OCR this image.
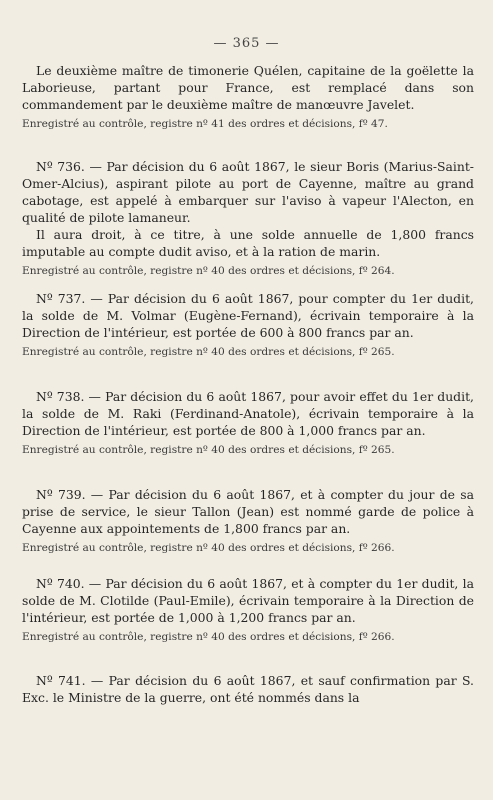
— 365 —

Le deuxième maître de timonerie Quélen, capitaine de la goëlette la Laborieuse, partant pour France, est remplacé dans son commandement par le deuxième maître de manœuvre Javelet.

Enregistré au contrôle, registre nº 41 des ordres et décisions, fº 47.

Nº 736. — Par décision du 6 août 1867, le sieur Boris (Marius-Saint-Omer-Alcius), aspirant pilote au port de Cayenne, maître au grand cabotage, est appelé à embarquer sur l'aviso à vapeur l'Alecton, en qualité de pilote lamaneur.

Il aura droit, à ce titre, à une solde annuelle de 1,800 francs imputable au compte dudit aviso, et à la ration de marin.

Enregistré au contrôle, registre nº 40 des ordres et décisions, fº 264.

Nº 737. — Par décision du 6 août 1867, pour compter du 1er dudit, la solde de M. Volmar (Eugène-Fernand), écrivain temporaire à la Direction de l'intérieur, est portée de 600 à 800 francs par an.

Enregistré au contrôle, registre nº 40 des ordres et décisions, fº 265.

Nº 738. — Par décision du 6 août 1867, pour avoir effet du 1er dudit, la solde de M. Raki (Ferdinand-Anatole), écrivain temporaire à la Direction de l'intérieur, est portée de 800 à 1,000 francs par an.

Enregistré au contrôle, registre nº 40 des ordres et décisions, fº 265.

Nº 739. — Par décision du 6 août 1867, et à compter du jour de sa prise de service, le sieur Tallon (Jean) est nommé garde de police à Cayenne aux appointements de 1,800 francs par an.

Enregistré au contrôle, registre nº 40 des ordres et décisions, fº 266.

Nº 740. — Par décision du 6 août 1867, et à compter du 1er dudit, la solde de M. Clotilde (Paul-Emile), écrivain temporaire à la Direction de l'intérieur, est portée de 1,000 à 1,200 francs par an.

Enregistré au contrôle, registre nº 40 des ordres et décisions, fº 266.

Nº 741. — Par décision du 6 août 1867, et sauf confirmation par S. Exc. le Ministre de la guerre, ont été nommés dans la
